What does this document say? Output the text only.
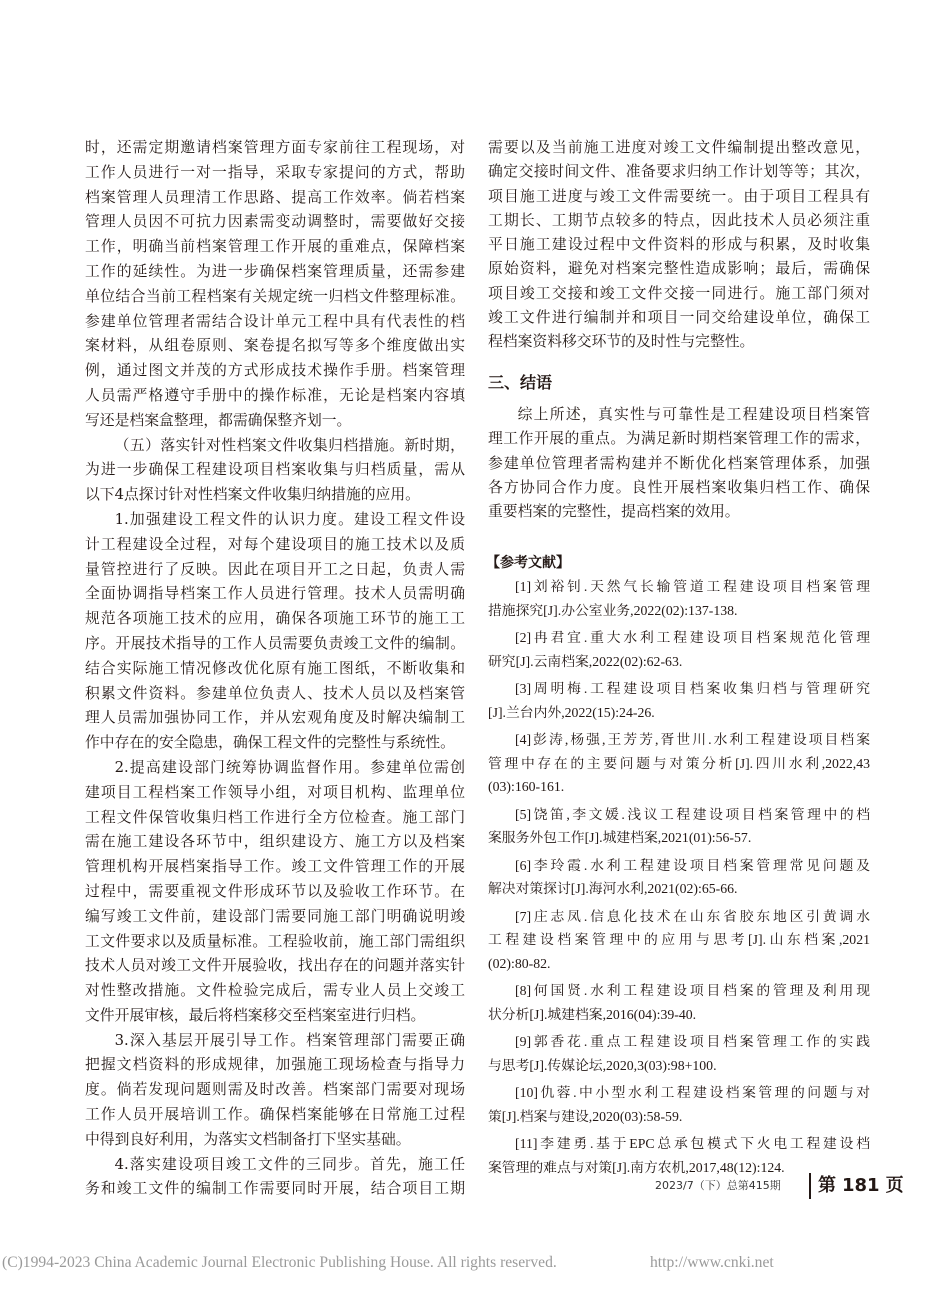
时，还需定期邀请档案管理方面专家前往工程现场，对
工作人员进行一对一指导，采取专家提问的方式，帮助
档案管理人员理清工作思路、提高工作效率。倘若档案
管理人员因不可抗力因素需变动调整时，需要做好交接
工作，明确当前档案管理工作开展的重难点，保障档案
工作的延续性。为进一步确保档案管理质量，还需参建
单位结合当前工程档案有关规定统一归档文件整理标准。
参建单位管理者需结合设计单元工程中具有代表性的档
案材料，从组卷原则、案卷提名拟写等多个维度做出实
例，通过图文并茂的方式形成技术操作手册。档案管理
人员需严格遵守手册中的操作标准，无论是档案内容填
写还是档案盒整理，都需确保整齐划一。
（五）落实针对性档案文件收集归档措施。新时期，
为进一步确保工程建设项目档案收集与归档质量，需从
以下4点探讨针对性档案文件收集归纳措施的应用。
1.加强建设工程文件的认识力度。建设工程文件设
计工程建设全过程，对每个建设项目的施工技术以及质
量管控进行了反映。因此在项目开工之日起，负责人需
全面协调指导档案工作人员进行管理。技术人员需明确
规范各项施工技术的应用，确保各项施工环节的施工工
序。开展技术指导的工作人员需要负责竣工文件的编制。
结合实际施工情况修改优化原有施工图纸，不断收集和
积累文件资料。参建单位负责人、技术人员以及档案管
理人员需加强协同工作，并从宏观角度及时解决编制工
作中存在的安全隐患，确保工程文件的完整性与系统性。
2.提高建设部门统筹协调监督作用。参建单位需创
建项目工程档案工作领导小组，对项目机构、监理单位
工程文件保管收集归档工作进行全方位检查。施工部门
需在施工建设各环节中，组织建设方、施工方以及档案
管理机构开展档案指导工作。竣工文件管理工作的开展
过程中，需要重视文件形成环节以及验收工作环节。在
编写竣工文件前，建设部门需要同施工部门明确说明竣
工文件要求以及质量标准。工程验收前，施工部门需组织
技术人员对竣工文件开展验收，找出存在的问题并落实针
对性整改措施。文件检验完成后，需专业人员上交竣工
文件开展审核，最后将档案移交至档案室进行归档。
3.深入基层开展引导工作。档案管理部门需要正确
把握文档资料的形成规律，加强施工现场检查与指导力
度。倘若发现问题则需及时改善。档案部门需要对现场
工作人员开展培训工作。确保档案能够在日常施工过程
中得到良好利用，为落实文档制备打下坚实基础。
4.落实建设项目竣工文件的三同步。首先，施工任
务和竣工文件的编制工作需要同时开展，结合项目工期
需要以及当前施工进度对竣工文件编制提出整改意见，
确定交接时间文件、准备要求归纳工作计划等等；其次，
项目施工进度与竣工文件需要统一。由于项目工程具有
工期长、工期节点较多的特点，因此技术人员必须注重
平日施工建设过程中文件资料的形成与积累，及时收集
原始资料，避免对档案完整性造成影响；最后，需确保
项目竣工交接和竣工文件交接一同进行。施工部门须对
竣工文件进行编制并和项目一同交给建设单位，确保工
程档案资料移交环节的及时性与完整性。
三、结语
综上所述，真实性与可靠性是工程建设项目档案管
理工作开展的重点。为满足新时期档案管理工作的需求，
参建单位管理者需构建并不断优化档案管理体系，加强
各方协同合作力度。良性开展档案收集归档工作、确保
重要档案的完整性，提高档案的效用。
【参考文献】
[1]刘裕钊.天然气长输管道工程建设项目档案管理
措施探究[J].办公室业务,2022(02):137-138.
[2]冉君宜.重大水利工程建设项目档案规范化管理
研究[J].云南档案,2022(02):62-63.
[3]周明梅.工程建设项目档案收集归档与管理研究
[J].兰台内外,2022(15):24-26.
[4]彭涛,杨强,王芳芳,胥世川.水利工程建设项目档案
管理中存在的主要问题与对策分析[J].四川水利,2022,43
(03):160-161.
[5]饶笛,李文媛.浅议工程建设项目档案管理中的档
案服务外包工作[J].城建档案,2021(01):56-57.
[6]李玲霞.水利工程建设项目档案管理常见问题及
解决对策探讨[J].海河水利,2021(02):65-66.
[7]庄志凤.信息化技术在山东省胶东地区引黄调水
工程建设档案管理中的应用与思考[J].山东档案,2021
(02):80-82.
[8]何国贤.水利工程建设项目档案的管理及利用现
状分析[J].城建档案,2016(04):39-40.
[9]郭香花.重点工程建设项目档案管理工作的实践
与思考[J].传媒论坛,2020,3(03):98+100.
[10]仇蓉.中小型水利工程建设档案管理的问题与对
策[J].档案与建设,2020(03):58-59.
[11]李建勇.基于EPC总承包模式下火电工程建设档
案管理的难点与对策[J].南方农机,2017,48(12):124.
2023/7（下）总第415期 第 181 页
(C)1994-2023 China Academic Journal Electronic Publishing House. All rights reserved.	http://www.cnki.net
